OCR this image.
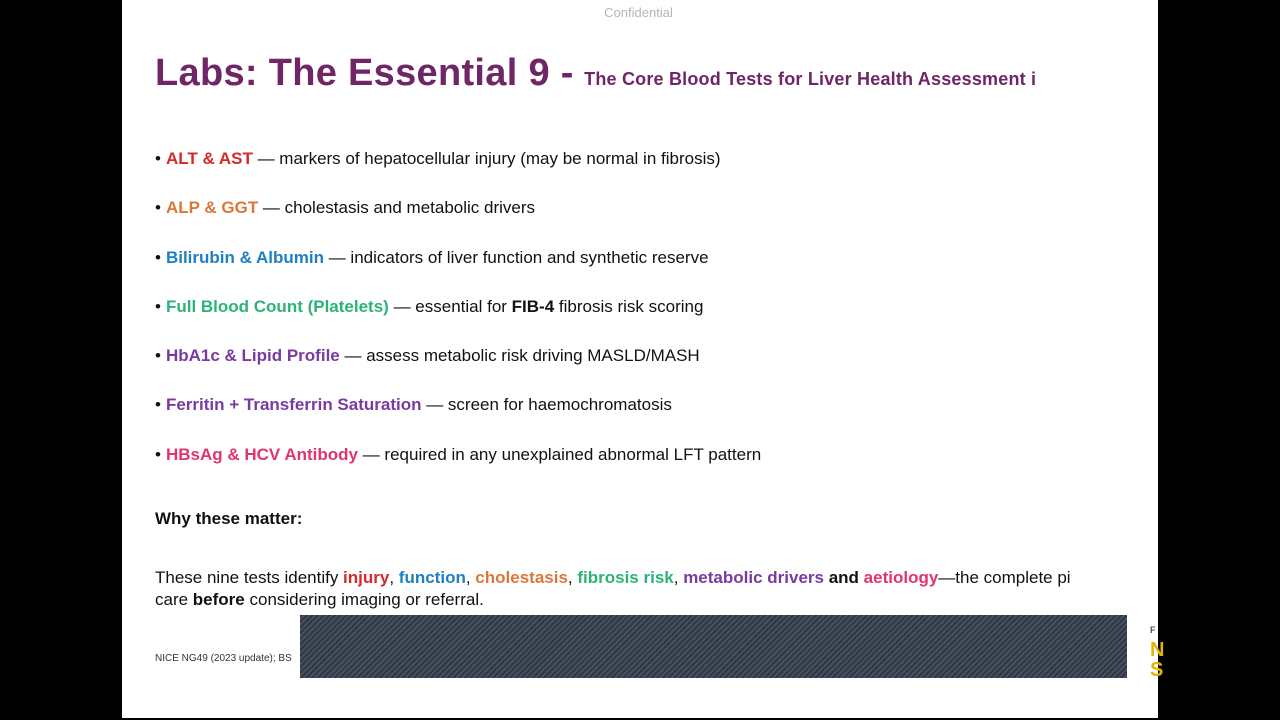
Confidential
Labs: The Essential 9 - The Core Blood Tests for Liver Health Assessment i
• ALT & AST — markers of hepatocellular injury (may be normal in fibrosis)
• ALP & GGT — cholestasis and metabolic drivers
• Bilirubin & Albumin — indicators of liver function and synthetic reserve
• Full Blood Count (Platelets) — essential for FIB-4 fibrosis risk scoring
• HbA1c & Lipid Profile — assess metabolic risk driving MASLD/MASH
• Ferritin + Transferrin Saturation — screen for haemochromatosis
• HBsAg & HCV Antibody — required in any unexplained abnormal LFT pattern
Why these matter:
These nine tests identify injury, function, cholestasis, fibrosis risk, metabolic drivers and aetiology—the complete pi
care before considering imaging or referral.
NICE NG49 (2023 update); BS
F
N
S
